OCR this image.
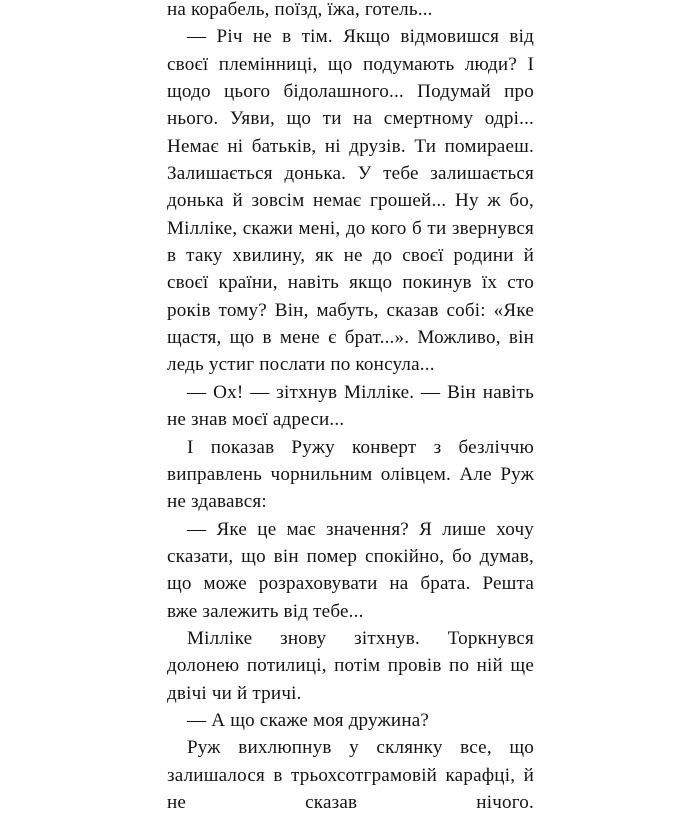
на корабель, поїзд, їжа, готель...

— Річ не в тім. Якщо відмовишся від своєї племінниці, що подумають люди? І щодо цього бідолашного... Подумай про нього. Уяви, що ти на смертному одрі... Немає ні батьків, ні друзів. Ти помираеш. Залишається донька. У тебе залишається донька й зовсім немає грошей... Ну ж бо, Мілліке, скажи мені, до кого б ти звернувся в таку хвилину, як не до своєї родини й своєї країни, навіть якщо покинув їх сто років тому? Він, мабуть, сказав собі: «Яке щастя, що в мене є брат...». Можливо, він ледь устиг послати по консула...

— Ох! — зітхнув Мілліке. — Він навіть не знав моєї адреси...

І показав Ружу конверт з безліччю виправлень чорнильним олівцем. Але Руж не здавався:

— Яке це має значення? Я лише хочу сказати, що він помер спокійно, бо думав, що може розраховувати на брата. Решта вже залежить від тебе...

Мілліке знову зітхнув. Торкнувся долонею потилиці, потім провів по ній ще двічі чи й тричі.

— А що скаже моя дружина?

Руж вихлюпнув у склянку все, що залишалося в трьохсотграмовій карафці, й не сказав нічого.
